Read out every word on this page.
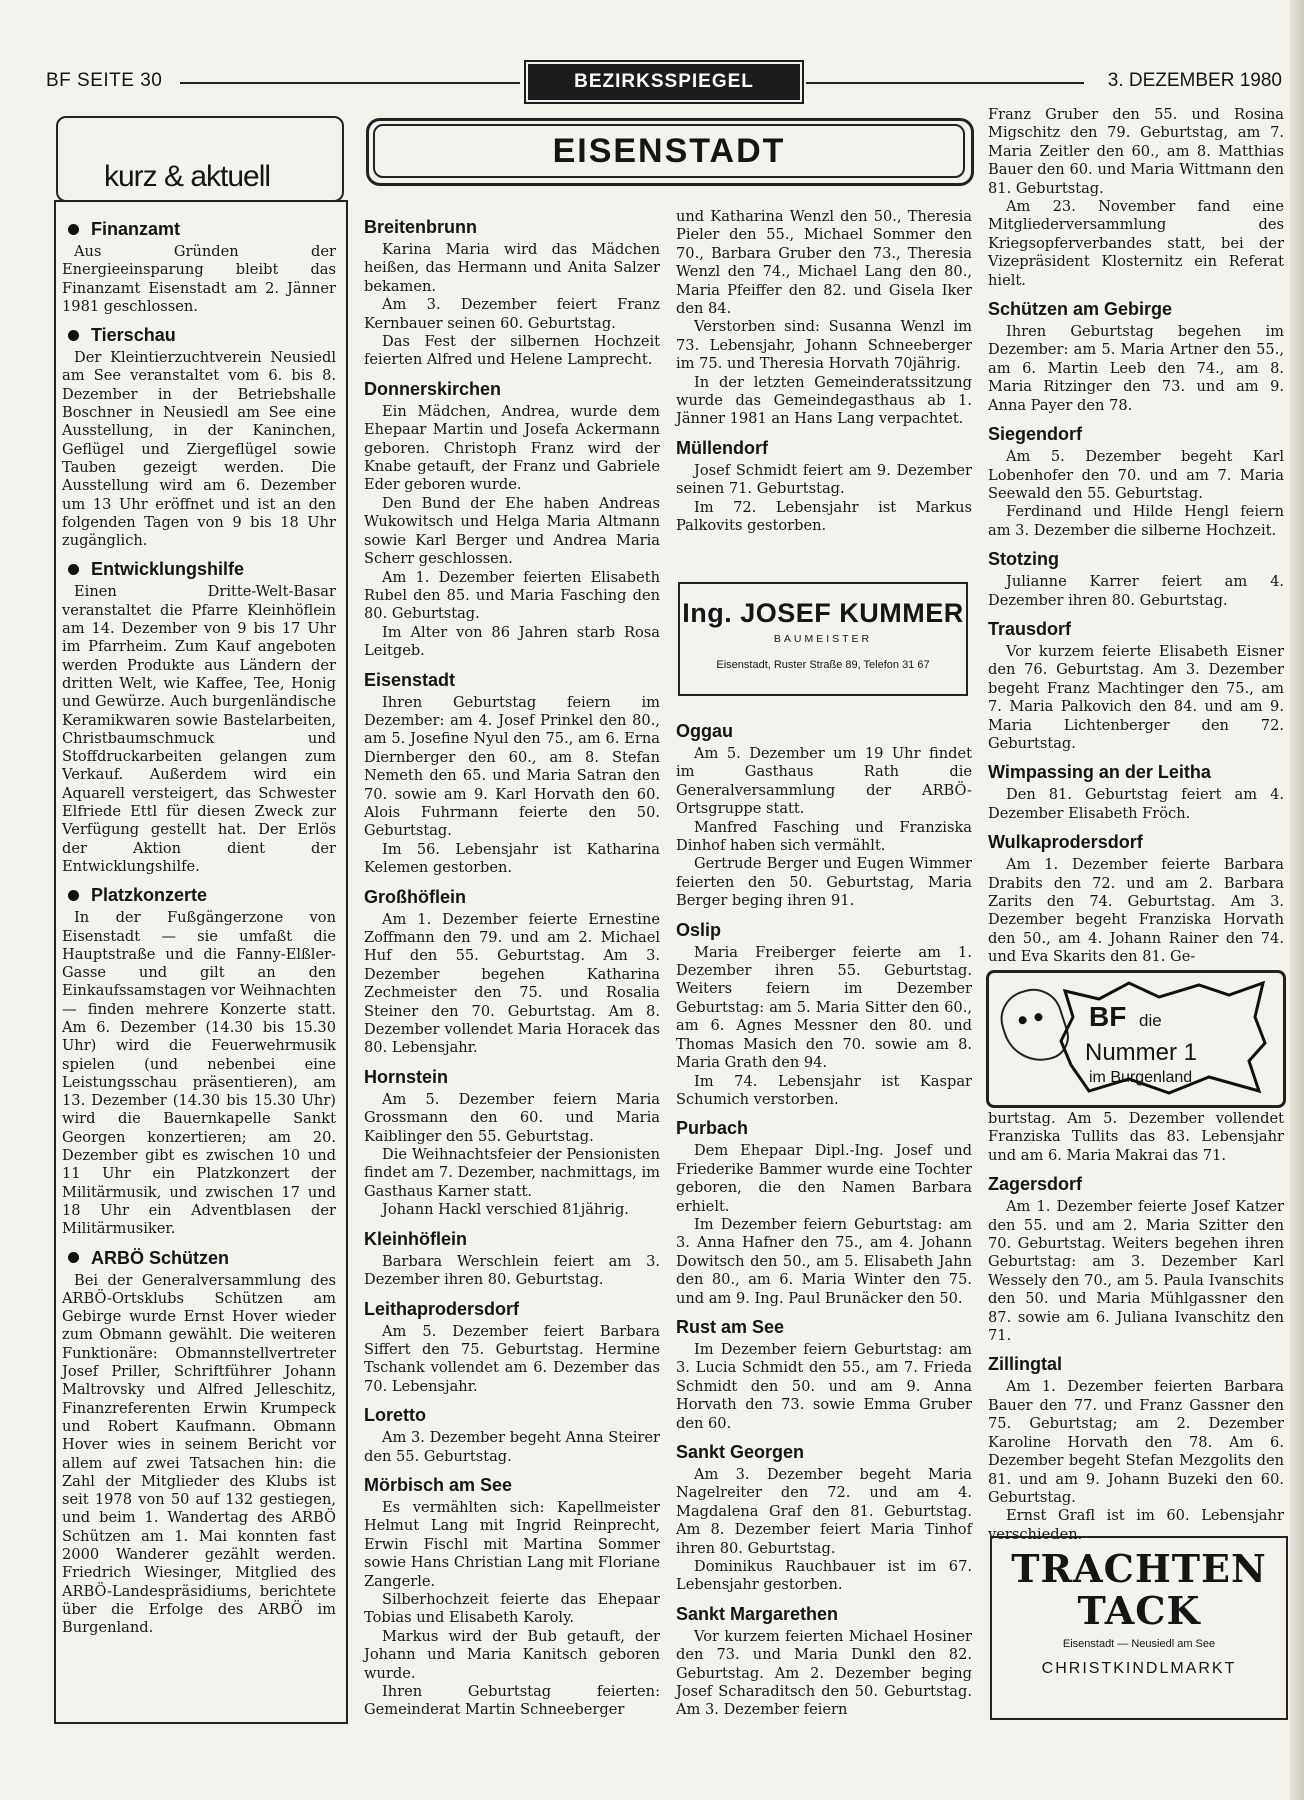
BF SEITE 30	BEZIRKSSPIEGEL	3. DEZEMBER 1980
kurz & aktuell
Finanzamt

Aus Gründen der Energieeinsparung bleibt das Finanzamt Eisenstadt am 2. Jänner 1981 geschlossen.

Tierschau

Der Kleintierzuchtverein Neusiedl am See veranstaltet vom 6. bis 8. Dezember in der Betriebshalle Boschner in Neusiedl am See eine Ausstellung, in der Kaninchen, Geflügel und Ziergeflügel sowie Tauben gezeigt werden. Die Ausstellung wird am 6. Dezember um 13 Uhr eröffnet und ist an den folgenden Tagen von 9 bis 18 Uhr zugänglich.

Entwicklungshilfe

Einen Dritte-Welt-Basar veranstaltet die Pfarre Kleinhöflein am 14. Dezember von 9 bis 17 Uhr im Pfarrheim. Zum Kauf angeboten werden Produkte aus Ländern der dritten Welt, wie Kaffee, Tee, Honig und Gewürze. Auch burgenländische Keramikwaren sowie Bastelarbeiten, Christbaumschmuck und Stoffdruckarbeiten gelangen zum Verkauf. Außerdem wird ein Aquarell versteigert, das Schwester Elfriede Ettl für diesen Zweck zur Verfügung gestellt hat. Der Erlös der Aktion dient der Entwicklungshilfe.

Platzkonzerte

In der Fußgängerzone von Eisenstadt — sie umfaßt die Hauptstraße und die Fanny-Elßler-Gasse und gilt an den Einkaufssamstagen vor Weihnachten — finden mehrere Konzerte statt. Am 6. Dezember (14.30 bis 15.30 Uhr) wird die Feuerwehrmusik spielen (und nebenbei eine Leistungsschau präsentieren), am 13. Dezember (14.30 bis 15.30 Uhr) wird die Bauernkapelle Sankt Georgen konzertieren; am 20. Dezember gibt es zwischen 10 und 11 Uhr ein Platzkonzert der Militärmusik, und zwischen 17 und 18 Uhr ein Adventblasen der Militärmusiker.

ARBÖ Schützen

Bei der Generalversammlung des ARBÖ-Ortsklubs Schützen am Gebirge wurde Ernst Hover wieder zum Obmann gewählt. Die weiteren Funktionäre: Obmannstellvertreter Josef Priller, Schriftführer Johann Maltrovsky und Alfred Jelleschitz, Finanzreferenten Erwin Krumpeck und Robert Kaufmann. Obmann Hover wies in seinem Bericht vor allem auf zwei Tatsachen hin: die Zahl der Mitglieder des Klubs ist seit 1978 von 50 auf 132 gestiegen, und beim 1. Wandertag des ARBÖ Schützen am 1. Mai konnten fast 2000 Wanderer gezählt werden. Friedrich Wiesinger, Mitglied des ARBÖ-Landespräsidiums, berichtete über die Erfolge des ARBÖ im Burgenland.

EISENSTADT
Breitenbrunn

Karina Maria wird das Mädchen heißen, das Hermann und Anita Salzer bekamen.

Am 3. Dezember feiert Franz Kernbauer seinen 60. Geburtstag.

Das Fest der silbernen Hochzeit feierten Alfred und Helene Lamprecht.

Donnerskirchen

Ein Mädchen, Andrea, wurde dem Ehepaar Martin und Josefa Ackermann geboren. Christoph Franz wird der Knabe getauft, der Franz und Gabriele Eder geboren wurde.

Den Bund der Ehe haben Andreas Wukowitsch und Helga Maria Altmann sowie Karl Berger und Andrea Maria Scherr geschlossen.

Am 1. Dezember feierten Elisabeth Rubel den 85. und Maria Fasching den 80. Geburtstag.

Im Alter von 86 Jahren starb Rosa Leitgeb.

Eisenstadt

Ihren Geburtstag feiern im Dezember: am 4. Josef Prinkel den 80., am 5. Josefine Nyul den 75., am 6. Erna Diernberger den 60., am 8. Stefan Nemeth den 65. und Maria Satran den 70. sowie am 9. Karl Horvath den 60. Alois Fuhrmann feierte den 50. Geburtstag.

Im 56. Lebensjahr ist Katharina Kelemen gestorben.

Großhöflein

Am 1. Dezember feierte Ernestine Zoffmann den 79. und am 2. Michael Huf den 55. Geburtstag. Am 3. Dezember begehen Katharina Zechmeister den 75. und Rosalia Steiner den 70. Geburtstag. Am 8. Dezember vollendet Maria Horacek das 80. Lebensjahr.

Hornstein

Am 5. Dezember feiern Maria Grossmann den 60. und Maria Kaiblinger den 55. Geburtstag.

Die Weihnachtsfeier der Pensionisten findet am 7. Dezember, nachmittags, im Gasthaus Karner statt.

Johann Hackl verschied 81jährig.

Kleinhöflein

Barbara Werschlein feiert am 3. Dezember ihren 80. Geburtstag.

Leithaprodersdorf

Am 5. Dezember feiert Barbara Siffert den 75. Geburtstag. Hermine Tschank vollendet am 6. Dezember das 70. Lebensjahr.

Loretto

Am 3. Dezember begeht Anna Steirer den 55. Geburtstag.

Mörbisch am See

Es vermählten sich: Kapellmeister Helmut Lang mit Ingrid Reinprecht, Erwin Fischl mit Martina Sommer sowie Hans Christian Lang mit Floriane Zangerle.

Silberhochzeit feierte das Ehepaar Tobias und Elisabeth Karoly.

Markus wird der Bub getauft, der Johann und Maria Kanitsch geboren wurde.

Ihren Geburtstag feierten: Gemeinderat Martin Schneeberger

und Katharina Wenzl den 50., Theresia Pieler den 55., Michael Sommer den 70., Barbara Gruber den 73., Theresia Wenzl den 74., Michael Lang den 80., Maria Pfeiffer den 82. und Gisela Iker den 84.

Verstorben sind: Susanna Wenzl im 73. Lebensjahr, Johann Schneeberger im 75. und Theresia Horvath 70jährig.

In der letzten Gemeinderatssitzung wurde das Gemeindegasthaus ab 1. Jänner 1981 an Hans Lang verpachtet.

Müllendorf

Josef Schmidt feiert am 9. Dezember seinen 71. Geburtstag.

Im 72. Lebensjahr ist Markus Palkovits gestorben.

Ing. JOSEF KUMMER
BAUMEISTER
Eisenstadt, Ruster Straße 89, Telefon 31 67
Oggau

Am 5. Dezember um 19 Uhr findet im Gasthaus Rath die Generalversammlung der ARBÖ-Ortsgruppe statt.

Manfred Fasching und Franziska Dinhof haben sich vermählt.

Gertrude Berger und Eugen Wimmer feierten den 50. Geburtstag, Maria Berger beging ihren 91.

Oslip

Maria Freiberger feierte am 1. Dezember ihren 55. Geburtstag. Weiters feiern im Dezember Geburtstag: am 5. Maria Sitter den 60., am 6. Agnes Messner den 80. und Thomas Masich den 70. sowie am 8. Maria Grath den 94.

Im 74. Lebensjahr ist Kaspar Schumich verstorben.

Purbach

Dem Ehepaar Dipl.-Ing. Josef und Friederike Bammer wurde eine Tochter geboren, die den Namen Barbara erhielt.

Im Dezember feiern Geburtstag: am 3. Anna Hafner den 75., am 4. Johann Dowitsch den 50., am 5. Elisabeth Jahn den 80., am 6. Maria Winter den 75. und am 9. Ing. Paul Brunäcker den 50.

Rust am See

Im Dezember feiern Geburtstag: am 3. Lucia Schmidt den 55., am 7. Frieda Schmidt den 50. und am 9. Anna Horvath den 73. sowie Emma Gruber den 60.

Sankt Georgen

Am 3. Dezember begeht Maria Nagelreiter den 72. und am 4. Magdalena Graf den 81. Geburtstag. Am 8. Dezember feiert Maria Tinhof ihren 80. Geburtstag.

Dominikus Rauchbauer ist im 67. Lebensjahr gestorben.

Sankt Margarethen

Vor kurzem feierten Michael Hosiner den 73. und Maria Dunkl den 82. Geburtstag. Am 2. Dezember beging Josef Scharaditsch den 50. Geburtstag. Am 3. Dezember feiern

Franz Gruber den 55. und Rosina Migschitz den 79. Geburtstag, am 7. Maria Zeitler den 60., am 8. Matthias Bauer den 60. und Maria Wittmann den 81. Geburtstag.

Am 23. November fand eine Mitgliederversammlung des Kriegsopferverbandes statt, bei der Vizepräsident Klosternitz ein Referat hielt.

Schützen am Gebirge

Ihren Geburtstag begehen im Dezember: am 5. Maria Artner den 55., am 6. Martin Leeb den 74., am 8. Maria Ritzinger den 73. und am 9. Anna Payer den 78.

Siegendorf

Am 5. Dezember begeht Karl Lobenhofer den 70. und am 7. Maria Seewald den 55. Geburtstag.

Ferdinand und Hilde Hengl feiern am 3. Dezember die silberne Hochzeit.

Stotzing

Julianne Karrer feiert am 4. Dezember ihren 80. Geburtstag.

Trausdorf

Vor kurzem feierte Elisabeth Eisner den 76. Geburtstag. Am 3. Dezember begeht Franz Machtinger den 75., am 7. Maria Palkovich den 84. und am 9. Maria Lichtenberger den 72. Geburtstag.

Wimpassing an der Leitha

Den 81. Geburtstag feiert am 4. Dezember Elisabeth Fröch.

Wulkaprodersdorf

Am 1. Dezember feierte Barbara Drabits den 72. und am 2. Barbara Zarits den 74. Geburtstag. Am 3. Dezember begeht Franziska Horvath den 50., am 4. Johann Rainer den 74. und Eva Skarits den 81. Ge-

BF die
Nummer 1
im Burgenland

burtstag. Am 5. Dezember vollendet Franziska Tullits das 83. Lebensjahr und am 6. Maria Makrai das 71.

Zagersdorf

Am 1. Dezember feierte Josef Katzer den 55. und am 2. Maria Szitter den 70. Geburtstag. Weiters begehen ihren Geburtstag: am 3. Dezember Karl Wessely den 70., am 5. Paula Ivanschits den 50. und Maria Mühlgassner den 87. sowie am 6. Juliana Ivanschitz den 71.

Zillingtal

Am 1. Dezember feierten Barbara Bauer den 77. und Franz Gassner den 75. Geburtstag; am 2. Dezember Karoline Horvath den 78. Am 6. Dezember begeht Stefan Mezgolits den 81. und am 9. Johann Buzeki den 60. Geburtstag.

Ernst Grafl ist im 60. Lebensjahr verschieden.

TRACHTEN
TACK
Eisenstadt — Neusiedl am See
CHRISTKINDLMARKT
